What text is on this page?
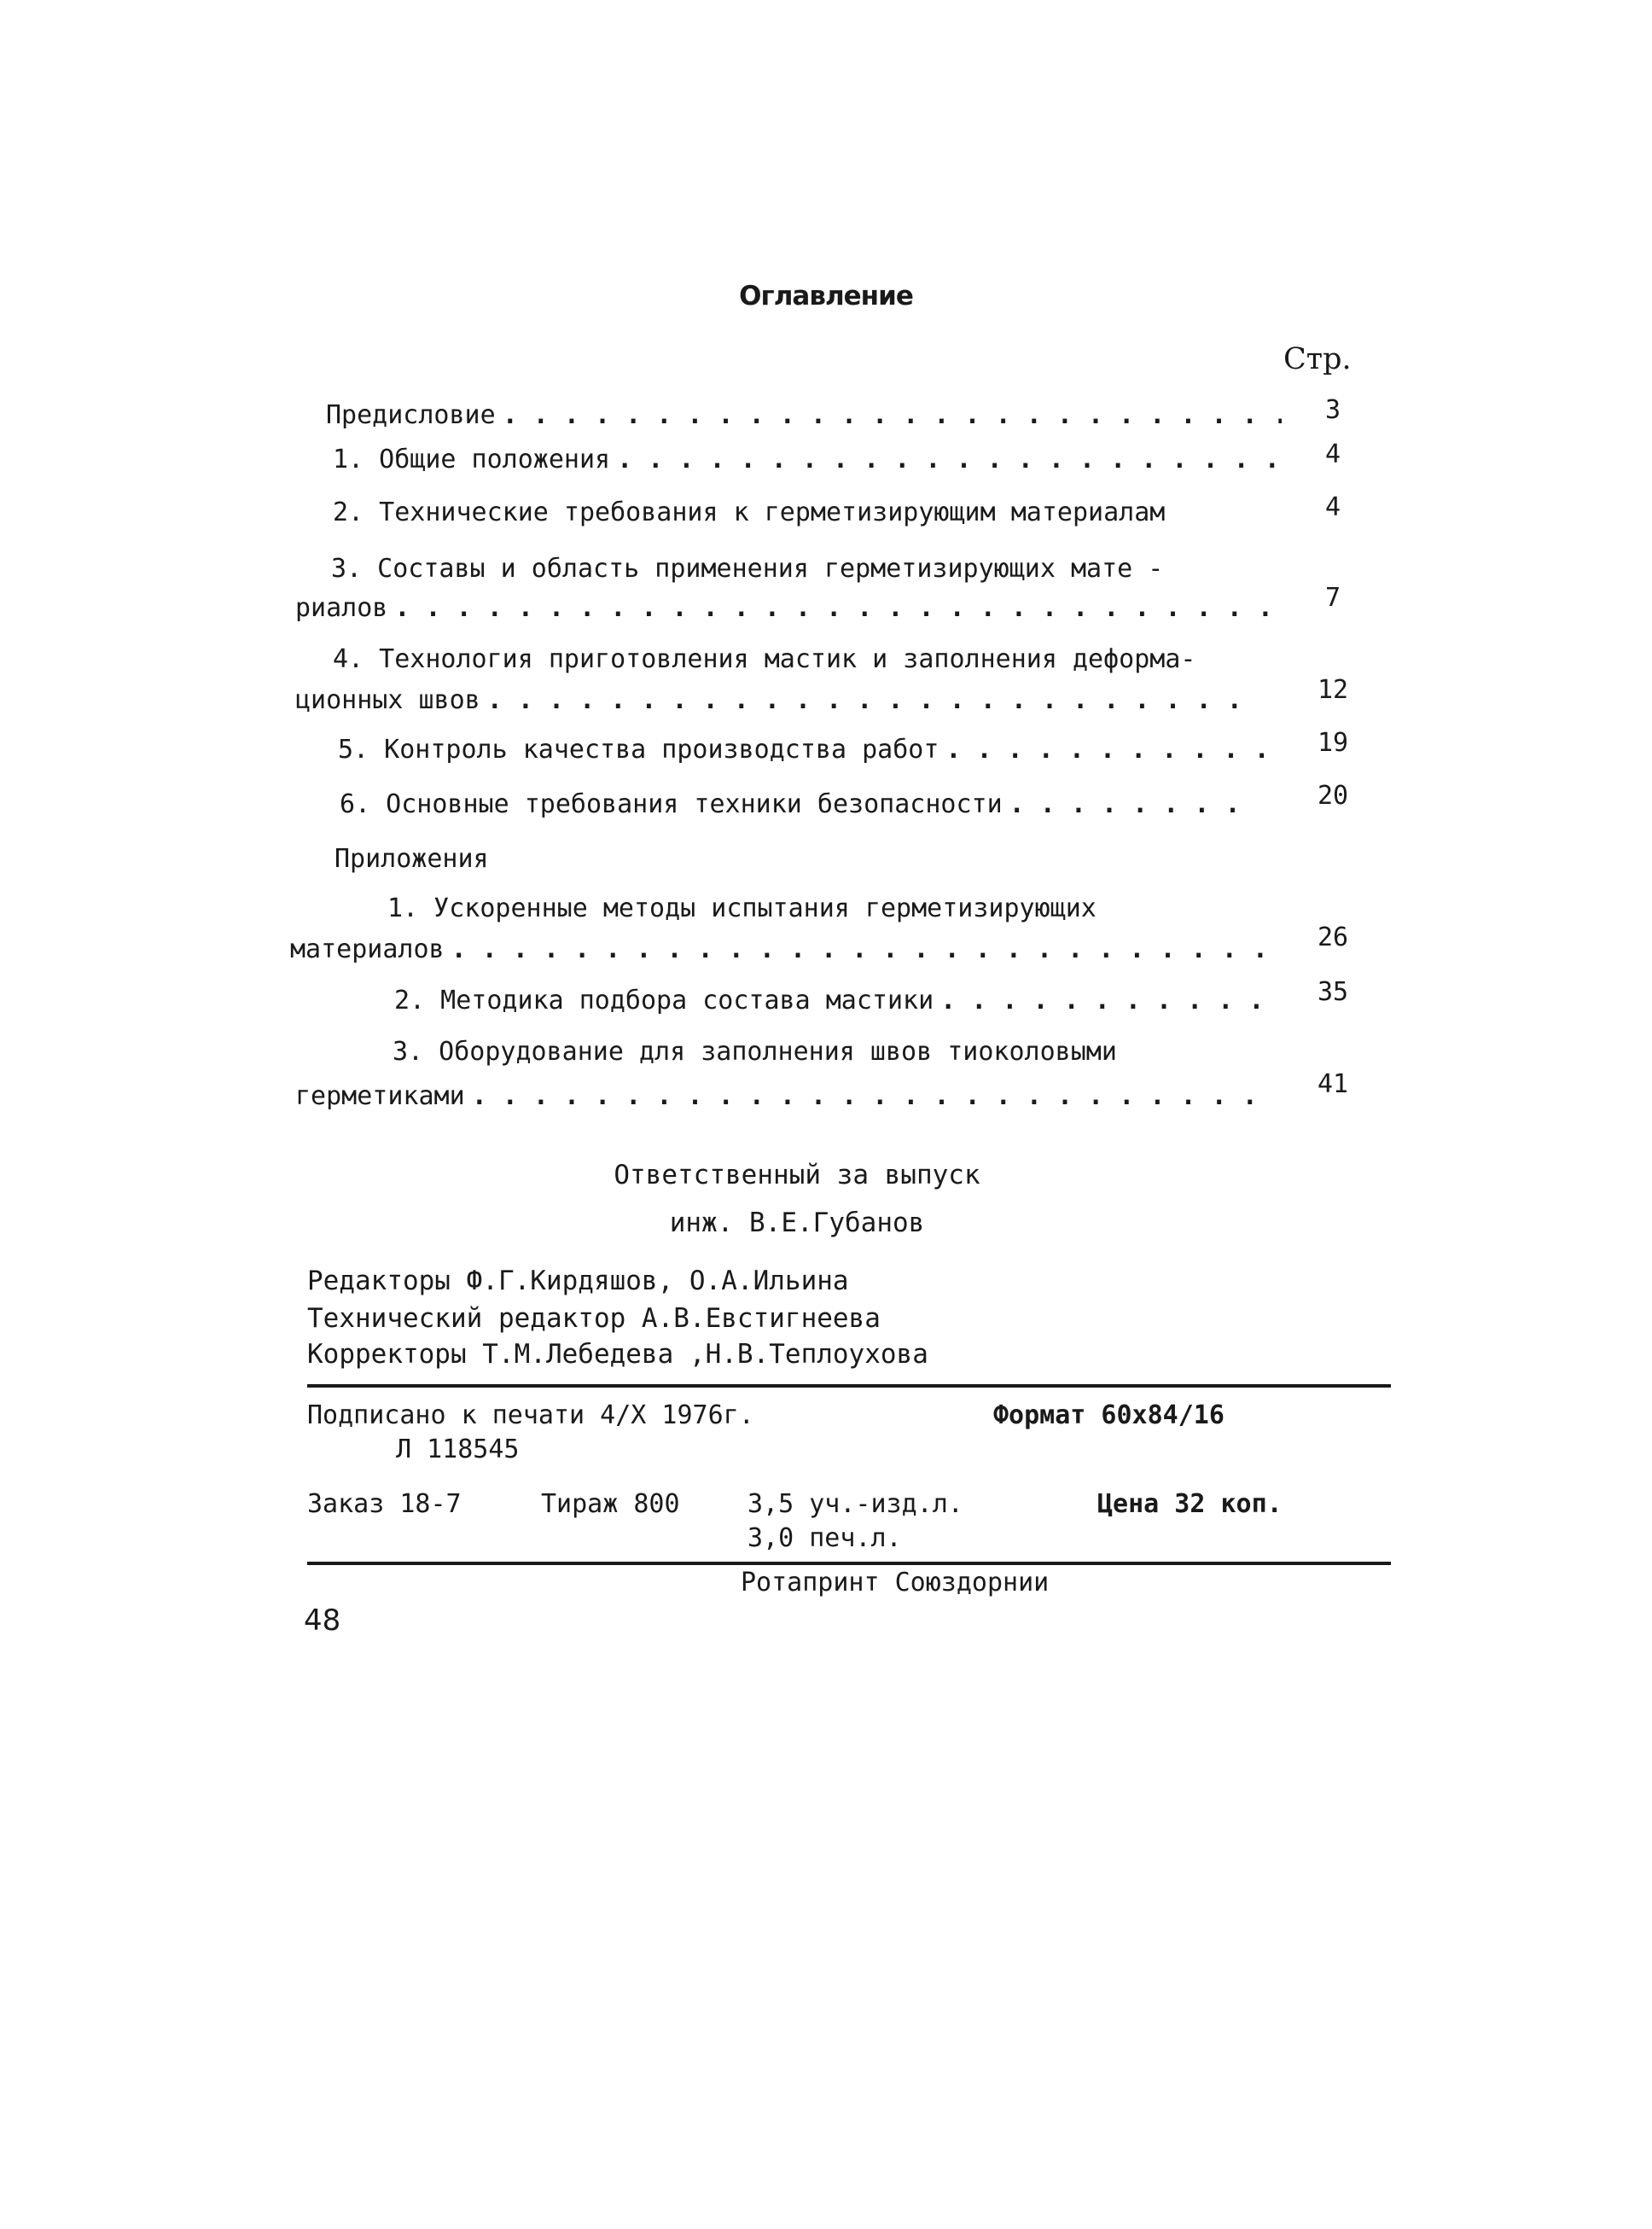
Оглавление
Стр.
Предисловие . .	3
1. Общие положения . .	4
2. Технические требования к герметизирующим материалам	4
3. Составы и область применения герметизирующих мате -
риалов . .	7
4. Технология приготовления мастик и заполнения деформа-
ционных швов . .	12
5. Контроль качества производства работ . .	19
6. Основные требования техники безопасности . .	20
Приложения
1. Ускоренные методы испытания герметизирующих
материалов . .	26
2. Методика подбора состава мастики . .	35
3. Оборудование для заполнения швов тиоколовыми
герметиками . .	41
Ответственный за выпуск
инж. В.Е.Губанов
Редакторы Ф.Г.Кирдяшов, О.А.Ильина
Технический редактор А.В.Евстигнеева
Корректоры Т.М.Лебедева ,Н.В.Теплоухова
Подписано к печати 4/Х 1976г.	Формат 60х84/16
Л 118545
Заказ 18-7	Тираж 800	3,5 уч.-изд.л.	Цена 32 коп.
3,0 печ.л.
Ротапринт Союздорнии
48
